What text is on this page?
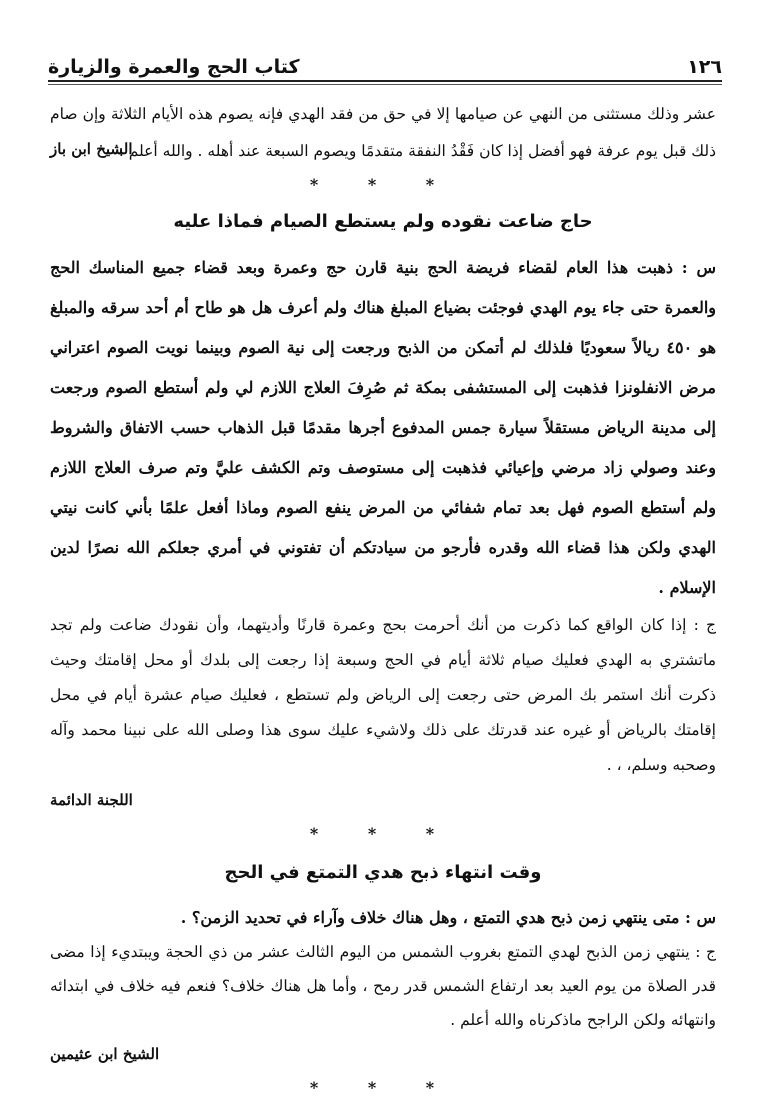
كتاب الحج والعمرة والزيارة	١٢٦

عشر وذلك مستثنى من النهي عن صيامها إلا في حق من فقد الهدي فإنه يصوم هذه الأيام الثلاثة وإن صام ذلك قبل يوم عرفة فهو أفضل إذا كان فَقْدُ النفقة متقدمًا ويصوم السبعة عند أهله . والله أعلم .

الشيخ ابن باز
* * *
حاج ضاعت نقوده ولم يستطع الصيام فماذا عليه

س : ذهبت هذا العام لقضاء فريضة الحج بنية قارن حج وعمرة وبعد قضاء جميع المناسك الحج والعمرة حتى جاء يوم الهدي فوجئت بضياع المبلغ هناك ولم أعرف هل هو طاح أم أحد سرقه والمبلغ هو ٤٥٠ ريالاً سعوديًا فلذلك لم أتمكن من الذبح ورجعت إلى نية الصوم وبينما نويت الصوم اعتراني مرض الانفلونزا فذهبت إلى المستشفى بمكة ثم صُرِفَ العلاج اللازم لي ولم أستطع الصوم ورجعت إلى مدينة الرياض مستقلاً سيارة جمس المدفوع أجرها مقدمًا قبل الذهاب حسب الاتفاق والشروط وعند وصولي زاد مرضي وإعيائي فذهبت إلى مستوصف وتم الكشف عليَّ وتم صرف العلاج اللازم ولم أستطع الصوم فهل بعد تمام شفائي من المرض ينفع الصوم وماذا أفعل علمًا بأني كانت نيتي الهدي ولكن هذا قضاء الله وقدره فأرجو من سيادتكم أن تفتوني في أمري جعلكم الله نصرًا لدين الإسلام .

ج : إذا كان الواقع كما ذكرت من أنك أحرمت بحج وعمرة قارنًا وأديتهما، وأن نقودك ضاعت ولم تجد ماتشتري به الهدي فعليك صيام ثلاثة أيام في الحج وسبعة إذا رجعت إلى بلدك أو محل إقامتك وحيث ذكرت أنك استمر بك المرض حتى رجعت إلى الرياض ولم تستطع ، فعليك صيام عشرة أيام في محل إقامتك بالرياض أو غيره عند قدرتك على ذلك ولاشيء عليك سوى هذا وصلى الله على نبينا محمد وآله وصحبه وسلم، ، .

اللجنة الدائمة
* * *
وقت انتهاء ذبح هدي التمتع في الحج

س : متى ينتهي زمن ذبح هدي التمتع ، وهل هناك خلاف وآراء في تحديد الزمن؟ .

ج : ينتهي زمن الذبح لهدي التمتع بغروب الشمس من اليوم الثالث عشر من ذي الحجة ويبتديء إذا مضى قدر الصلاة من يوم العيد بعد ارتفاع الشمس قدر رمح ، وأما هل هناك خلاف؟ فنعم فيه خلاف في ابتدائه وانتهائه ولكن الراجح ماذكرناه والله أعلم .

الشيخ ابن عثيمين
* * *
